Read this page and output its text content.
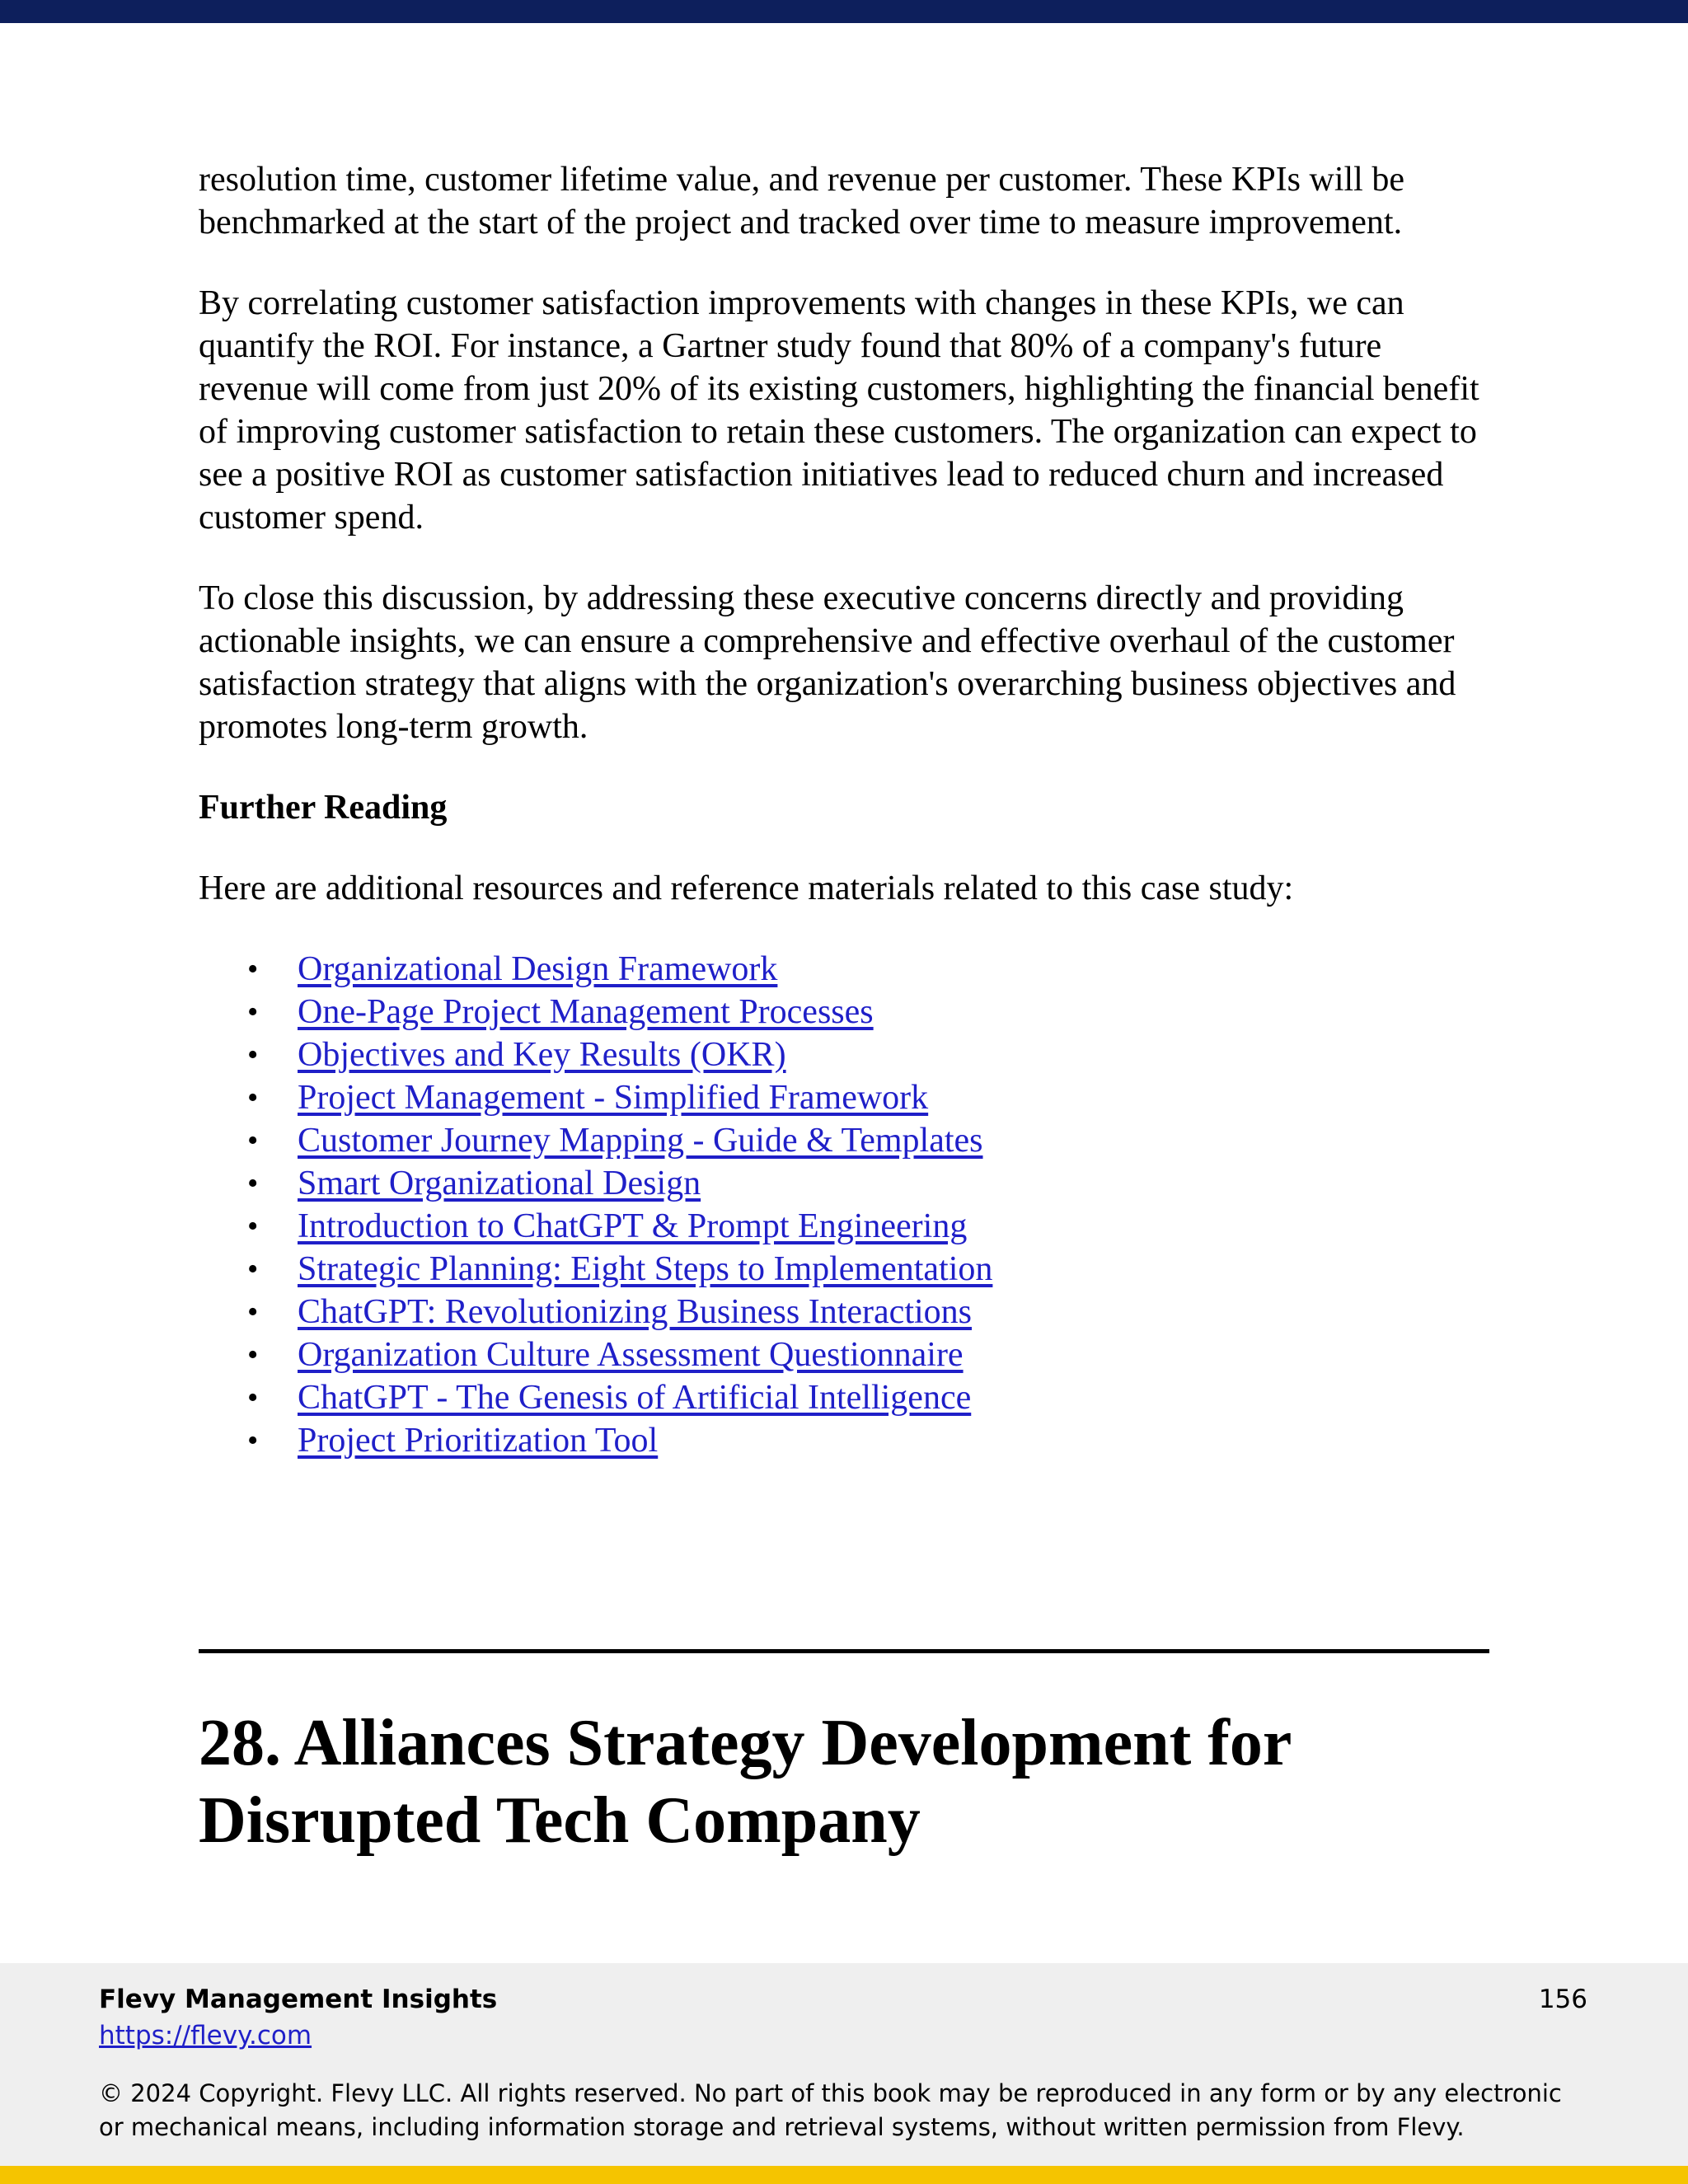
resolution time, customer lifetime value, and revenue per customer. These KPIs will be benchmarked at the start of the project and tracked over time to measure improvement.

By correlating customer satisfaction improvements with changes in these KPIs, we can quantify the ROI. For instance, a Gartner study found that 80% of a company's future revenue will come from just 20% of its existing customers, highlighting the financial benefit of improving customer satisfaction to retain these customers. The organization can expect to see a positive ROI as customer satisfaction initiatives lead to reduced churn and increased customer spend.

To close this discussion, by addressing these executive concerns directly and providing actionable insights, we can ensure a comprehensive and effective overhaul of the customer satisfaction strategy that aligns with the organization's overarching business objectives and promotes long-term growth.

Further Reading

Here are additional resources and reference materials related to this case study:

• Organizational Design Framework
• One-Page Project Management Processes
• Objectives and Key Results (OKR)
• Project Management - Simplified Framework
• Customer Journey Mapping - Guide & Templates
• Smart Organizational Design
• Introduction to ChatGPT & Prompt Engineering
• Strategic Planning: Eight Steps to Implementation
• ChatGPT: Revolutionizing Business Interactions
• Organization Culture Assessment Questionnaire
• ChatGPT - The Genesis of Artificial Intelligence
• Project Prioritization Tool
28. Alliances Strategy Development for Disrupted Tech Company
Flevy Management Insights	156
https://flevy.com
© 2024 Copyright. Flevy LLC. All rights reserved. No part of this book may be reproduced in any form or by any electronic or mechanical means, including information storage and retrieval systems, without written permission from Flevy.
